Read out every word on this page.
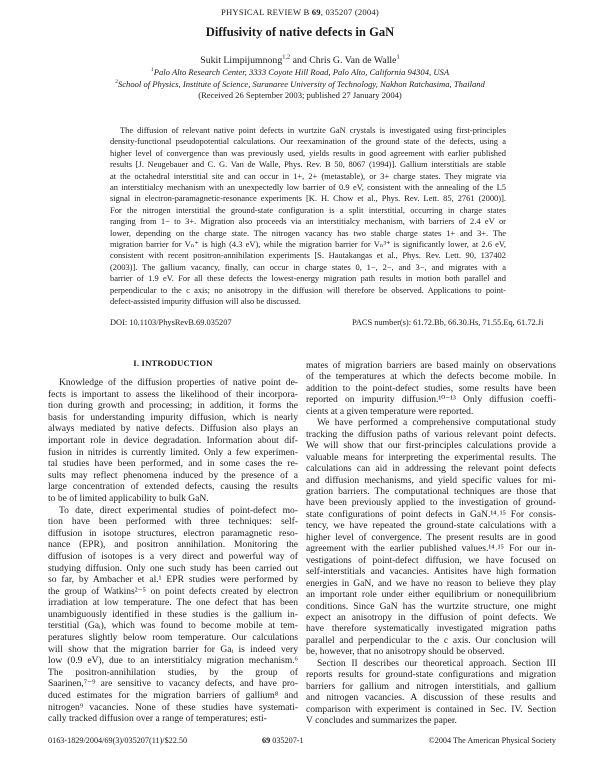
PHYSICAL REVIEW B 69, 035207 (2004)
Diffusivity of native defects in GaN
Sukit Limpijumnong$^{1,2}$ and Chris G. Van de Walle$^1$
$^1$Palo Alto Research Center, 3333 Coyote Hill Road, Palo Alto, California 94304, USA
$^2$School of Physics, Institute of Science, Suranaree University of Technology, Nakhon Ratchasima, Thailand
(Received 26 September 2003; published 27 January 2004)
The diffusion of relevant native point defects in wurtzite GaN crystals is investigated using first-principles
density-functional pseudopotential calculations. Our reexamination of the ground state of the defects, using a
higher level of convergence than was previously used, yields results in good agreement with earlier published
results [J. Neugebauer and C. G. Van de Walle, Phys. Rev. B 50, 8067 (1994)]. Gallium interstitials are stable
at the octahedral interstitial site and can occur in 1+, 2+ (metastable), or 3+ charge states. They migrate via
an interstitialcy mechanism with an unexpectedly low barrier of 0.9 eV, consistent with the annealing of the L5
signal in electron-paramagnetic-resonance experiments [K. H. Chow et al., Phys. Rev. Lett. 85, 2761 (2000)].
For the nitrogen interstitial the ground-state configuration is a split interstitial, occurring in charge states
ranging from 1− to 3+. Migration also proceeds via an interstitialcy mechanism, with barriers of 2.4 eV or
lower, depending on the charge state. The nitrogen vacancy has two stable charge states 1+ and 3+. The
migration barrier for Vₙ⁺ is high (4.3 eV), while the migration barrier for Vₙ³⁺ is significantly lower, at 2.6 eV,
consistent with recent positron-annihilation experiments [S. Hautakangas et al., Phys. Rev. Lett. 90, 137402
(2003)]. The gallium vacancy, finally, can occur in charge states 0, 1−, 2−, and 3−, and migrates with a
barrier of 1.9 eV. For all these defects the lowest-energy migration path results in motion both parallel and
perpendicular to the c axis; no anisotropy in the diffusion will therefore be observed. Applications to point-
defect-assisted impurity diffusion will also be discussed.
DOI: 10.1103/PhysRevB.69.035207	PACS number(s): 61.72.Bb, 66.30.Hs, 71.55.Eq, 61.72.Ji
I. INTRODUCTION
Knowledge of the diffusion properties of native point de-
fects is important to assess the likelihood of their incorpora-
tion during growth and processing; in addition, it forms the
basis for understanding impurity diffusion, which is nearly
always mediated by native defects. Diffusion also plays an
important role in device degradation. Information about dif-
fusion in nitrides is currently limited. Only a few experimen-
tal studies have been performed, and in some cases the re-
sults may reflect phenomena induced by the presence of a
large concentration of extended defects, causing the results
to be of limited applicability to bulk GaN.
To date, direct experimental studies of point-defect mo-
tion have been performed with three techniques: self-
diffusion in isotope structures, electron paramagnetic reso-
nance (EPR), and positron annihilation. Monitoring the
diffusion of isotopes is a very direct and powerful way of
studying diffusion. Only one such study has been carried out
so far, by Ambacher et al.¹ EPR studies were performed by
the group of Watkins²⁻⁵ on point defects created by electron
irradiation at low temperature. The one defect that has been
unambiguously identified in these studies is the gallium in-
terstitial (Gaᵢ), which was found to become mobile at tem-
peratures slightly below room temperature. Our calculations
will show that the migration barrier for Gaᵢ is indeed very
low (0.9 eV), due to an interstitialcy migration mechanism.⁶
The positron-annihilation studies, by the group of
Saarinen,⁷⁻⁹ are sensitive to vacancy defects, and have pro-
duced estimates for the migration barriers of gallium⁸ and
nitrogen⁹ vacancies. None of these studies have systemati-
cally tracked diffusion over a range of temperatures; esti-
mates of migration barriers are based mainly on observations
of the temperatures at which the defects become mobile. In
addition to the point-defect studies, some results have been
reported on impurity diffusion.¹⁰⁻¹³ Only diffusion coeffi-
cients at a given temperature were reported.
We have performed a comprehensive computational study
tracking the diffusion paths of various relevant point defects.
We will show that our first-principles calculations provide a
valuable means for interpreting the experimental results. The
calculations can aid in addressing the relevant point defects
and diffusion mechanisms, and yield specific values for mi-
gration barriers. The computational techniques are those that
have been previously applied to the investigation of ground-
state configurations of point defects in GaN.¹⁴˒¹⁵ For consis-
tency, we have repeated the ground-state calculations with a
higher level of convergence. The present results are in good
agreement with the earlier published values.¹⁴˒¹⁵ For our in-
vestigations of point-defect diffusion, we have focused on
self-interstitials and vacancies. Antisites have high formation
energies in GaN, and we have no reason to believe they play
an important role under either equilibrium or nonequilibrium
conditions. Since GaN has the wurtzite structure, one might
expect an anisotropy in the diffusion of point defects. We
have therefore systematically investigated migration paths
parallel and perpendicular to the c axis. Our conclusion will
be, however, that no anisotropy should be observed.
Section II describes our theoretical approach. Section III
reports results for ground-state configurations and migration
barriers for gallium and nitrogen interstitials, and gallium
and nitrogen vacancies. A discussion of these results and
comparison with experiment is contained in Sec. IV. Section
V concludes and summarizes the paper.
0163-1829/2004/69(3)/035207(11)/$22.50	69 035207-1	©2004 The American Physical Society
